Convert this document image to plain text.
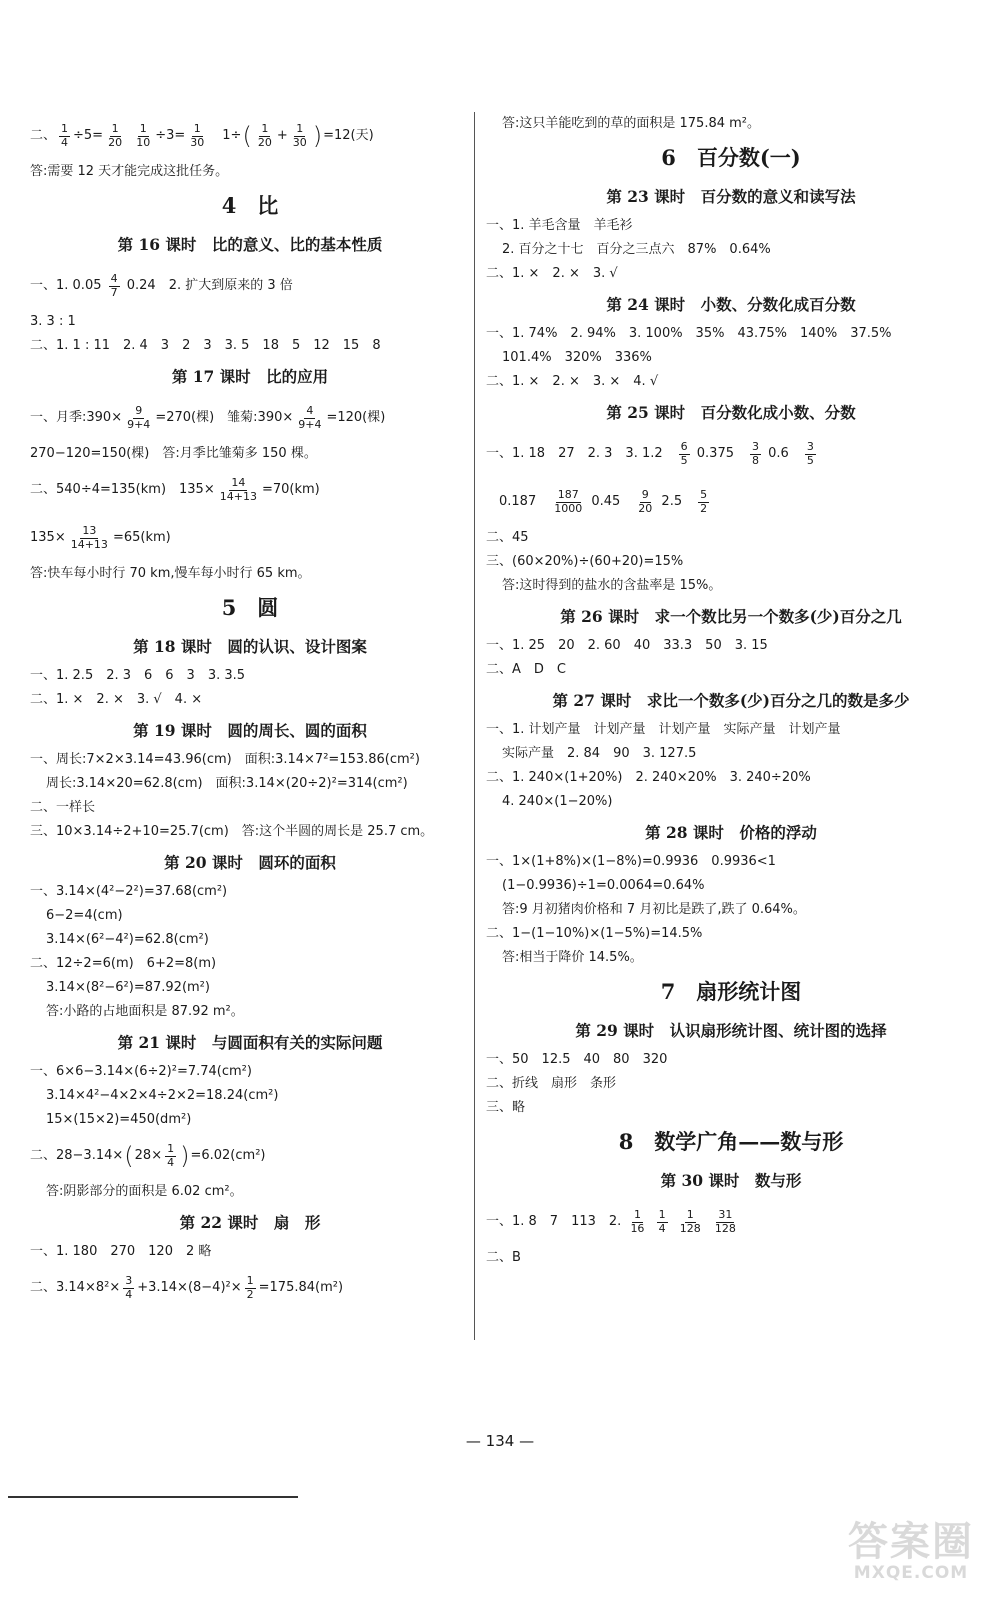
二、 $\frac{1}{4} \div 5= \frac{1}{20}$
$\frac{1}{10} \div 3= \frac{1}{30}$ 　1÷ ( $\frac{1}{20} + \frac{1}{30}$ ) =12(天)
答:需要 12 天才能完成这批任务。
4　比
第 16 课时　比的意义、比的基本性质
一、1. $0.05 \frac{4}{7} 0.24$　2. 扩大到原来的 3 倍
3. 3 : 1
二、1. 1 : 11　2. 4　3　2　3　3. 5　18　5　12　15　8
第 17 课时　比的应用
一、月季:390× $\frac{9}{9+4} =270$(棵)　雏菊:390× $\frac{4}{9+4} =120$(棵)
270−120=150(棵)　答:月季比雏菊多 150 棵。
二、540÷4=135(km)　$135\times \frac{14}{14+13} =70(km)$
$135\times \frac{13}{14+13} =65(km)$
答:快车每小时行 70 km,慢车每小时行 65 km。
5　圆
第 18 课时　圆的认识、设计图案
一、1. 2.5　2. 3　6　6　3　3. 3.5
二、1. ×　2. ×　3. √　4. ×
第 19 课时　圆的周长、圆的面积
一、周长:7×2×3.14=43.96(cm)　面积:3.14×7²=153.86(cm²)
周长:3.14×20=62.8(cm)　面积:3.14×(20÷2)²=314(cm²)
二、一样长
三、10×3.14÷2+10=25.7(cm)　答:这个半圆的周长是 25.7 cm。
第 20 课时　圆环的面积
一、3.14×(4²−2²)=37.68(cm²)
6−2=4(cm)
3.14×(6²−4²)=62.8(cm²)
二、12÷2=6(m)　6+2=8(m)
3.14×(8²−6²)=87.92(m²)
答:小路的占地面积是 87.92 m²。
第 21 课时　与圆面积有关的实际问题
一、6×6−3.14×(6÷2)²=7.74(cm²)
3.14×4²−4×2×4÷2×2=18.24(cm²)
15×(15×2)=450(dm²)
二、28−3.14× ( $28\times \frac{1}{4}$ ) =6.02(cm²)
答:阴影部分的面积是 6.02 cm²。
第 22 课时　扇　形
一、1. 180　270　120　2 略
二、$3.14\times 8^2\times \frac{3}{4} +3.14\times(8-4)^2\times \frac{1}{2} =175.84(m^2)$
答:这只羊能吃到的草的面积是 175.84 m²。
6　百分数(一)
第 23 课时　百分数的意义和读写法
一、1. 羊毛含量　羊毛衫
2. 百分之十七　百分之三点六　87%　0.64%
二、1. ×　2. ×　3. √
第 24 课时　小数、分数化成百分数
一、1. 74%　2. 94%　3. 100%　35%　43.75%　140%　37.5%
101.4%　320%　336%
二、1. ×　2. ×　3. ×　4. √
第 25 课时　百分数化成小数、分数
一、1. 18　27　2. 3　3. 1.2　 $\frac{6}{5} 0.375$　 $\frac{3}{8} 0.6$　 $\frac{3}{5}$
　0.187　 $\frac{187}{1000} 0.45$　 $\frac{9}{20} 2.5$　 $\frac{5}{2}$
二、45
三、(60×20%)÷(60+20)=15%
答:这时得到的盐水的含盐率是 15%。
第 26 课时　求一个数比另一个数多(少)百分之几
一、1. 25　20　2. 60　40　33.3　50　3. 15
二、A　D　C
第 27 课时　求比一个数多(少)百分之几的数是多少
一、1. 计划产量　计划产量　计划产量　实际产量　计划产量
实际产量　2. 84　90　3. 127.5
二、1. 240×(1+20%)　2. 240×20%　3. 240÷20%
4. 240×(1−20%)
第 28 课时　价格的浮动
一、1×(1+8%)×(1−8%)=0.9936　0.9936<1
(1−0.9936)÷1=0.0064=0.64%
答:9 月初猪肉价格和 7 月初比是跌了,跌了 0.64%。
二、1−(1−10%)×(1−5%)=14.5%
答:相当于降价 14.5%。
7　扇形统计图
第 29 课时　认识扇形统计图、统计图的选择
一、50　12.5　40　80　320
二、折线　扇形　条形
三、略
8　数学广角——数与形
第 30 课时　数与形
一、1. 8　7　113　2. $\frac{1}{16}$
$\frac{1}{4}$
$\frac{1}{128}$
$\frac{31}{128}$
二、B
— 134 —
答案圈
MXQE.COM
